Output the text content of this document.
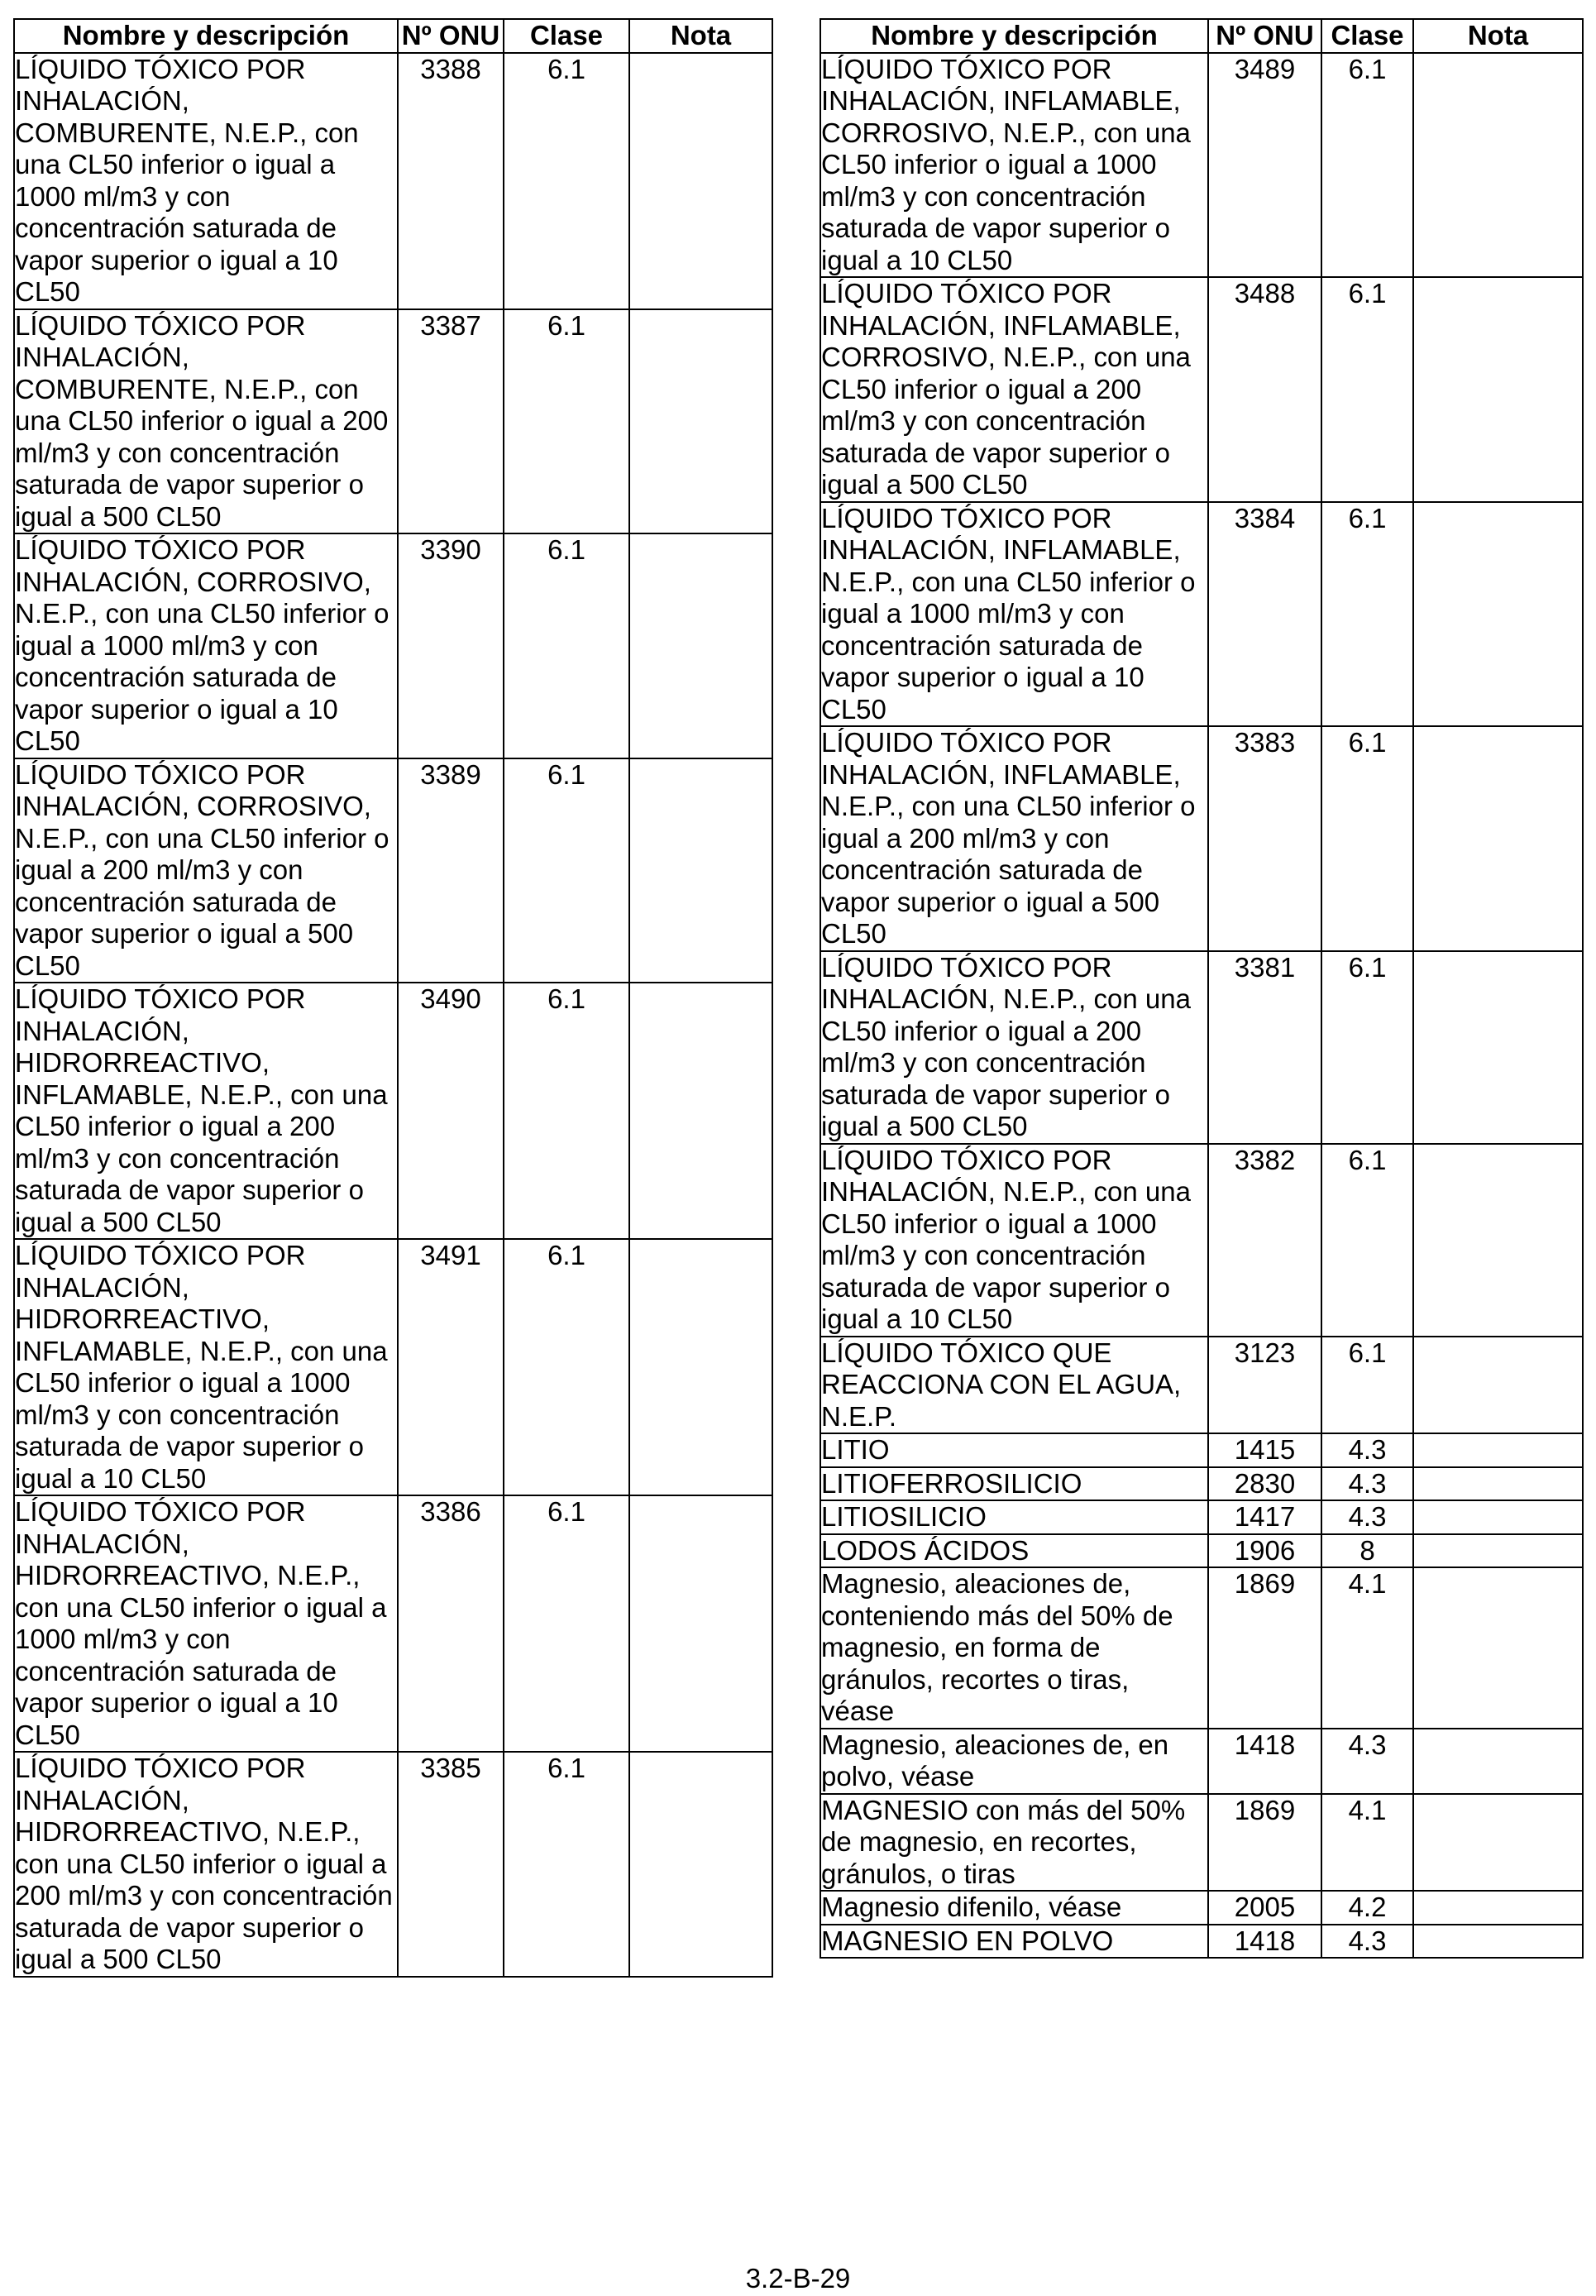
Nombre y descripción	Nº ONU	Clase	Nota
LÍQUIDO TÓXICO POR INHALACIÓN, COMBURENTE, N.E.P., con una CL50 inferior o igual a 1000 ml/m3 y con concentración saturada de vapor superior o igual a 10 CL50	3388	6.1	
LÍQUIDO TÓXICO POR INHALACIÓN, COMBURENTE, N.E.P., con una CL50 inferior o igual a 200 ml/m3 y con concentración saturada de vapor superior o igual a 500 CL50	3387	6.1	
LÍQUIDO TÓXICO POR INHALACIÓN, CORROSIVO, N.E.P., con una CL50 inferior o igual a 1000 ml/m3 y con concentración saturada de vapor superior o igual a 10 CL50	3390	6.1	
LÍQUIDO TÓXICO POR INHALACIÓN, CORROSIVO, N.E.P., con una CL50 inferior o igual a 200 ml/m3 y con concentración saturada de vapor superior o igual a 500 CL50	3389	6.1	
LÍQUIDO TÓXICO POR INHALACIÓN, HIDRORREACTIVO, INFLAMABLE, N.E.P., con una CL50 inferior o igual a 200 ml/m3 y con concentración saturada de vapor superior o igual a 500 CL50	3490	6.1	
LÍQUIDO TÓXICO POR INHALACIÓN, HIDRORREACTIVO, INFLAMABLE, N.E.P., con una CL50 inferior o igual a 1000 ml/m3 y con concentración saturada de vapor superior o igual a 10 CL50	3491	6.1	
LÍQUIDO TÓXICO POR INHALACIÓN, HIDRORREACTIVO, N.E.P., con una CL50 inferior o igual a 1000 ml/m3 y con concentración saturada de vapor superior o igual a 10 CL50	3386	6.1	
LÍQUIDO TÓXICO POR INHALACIÓN, HIDRORREACTIVO, N.E.P., con una CL50 inferior o igual a 200 ml/m3 y con concentración saturada de vapor superior o igual a 500 CL50	3385	6.1	
Nombre y descripción	Nº ONU	Clase	Nota
LÍQUIDO TÓXICO POR INHALACIÓN, INFLAMABLE, CORROSIVO, N.E.P., con una CL50 inferior o igual a 1000 ml/m3 y con concentración saturada de vapor superior o igual a 10 CL50	3489	6.1	
LÍQUIDO TÓXICO POR INHALACIÓN, INFLAMABLE, CORROSIVO, N.E.P., con una CL50 inferior o igual a 200 ml/m3 y con concentración saturada de vapor superior o igual a 500 CL50	3488	6.1	
LÍQUIDO TÓXICO POR INHALACIÓN, INFLAMABLE, N.E.P., con una CL50 inferior o igual a 1000 ml/m3 y con concentración saturada de vapor superior o igual a 10 CL50	3384	6.1	
LÍQUIDO TÓXICO POR INHALACIÓN, INFLAMABLE, N.E.P., con una CL50 inferior o igual a 200 ml/m3 y con concentración saturada de vapor superior o igual a 500 CL50	3383	6.1	
LÍQUIDO TÓXICO POR INHALACIÓN, N.E.P., con una CL50 inferior o igual a 200 ml/m3 y con concentración saturada de vapor superior o igual a 500 CL50	3381	6.1	
LÍQUIDO TÓXICO POR INHALACIÓN, N.E.P., con una CL50 inferior o igual a 1000 ml/m3 y con concentración saturada de vapor superior o igual a 10 CL50	3382	6.1	
LÍQUIDO TÓXICO QUE REACCIONA CON EL AGUA, N.E.P.	3123	6.1	
LITIO	1415	4.3	
LITIOFERROSILICIO	2830	4.3	
LITIOSILICIO	1417	4.3	
LODOS ÁCIDOS	1906	8	
Magnesio, aleaciones de, conteniendo más del 50% de magnesio, en forma de gránulos, recortes o tiras, véase	1869	4.1	
Magnesio, aleaciones de, en polvo, véase	1418	4.3	
MAGNESIO con más del 50% de magnesio, en recortes, gránulos, o tiras	1869	4.1	
Magnesio difenilo, véase	2005	4.2	
MAGNESIO EN POLVO	1418	4.3	
3.2-B-29
